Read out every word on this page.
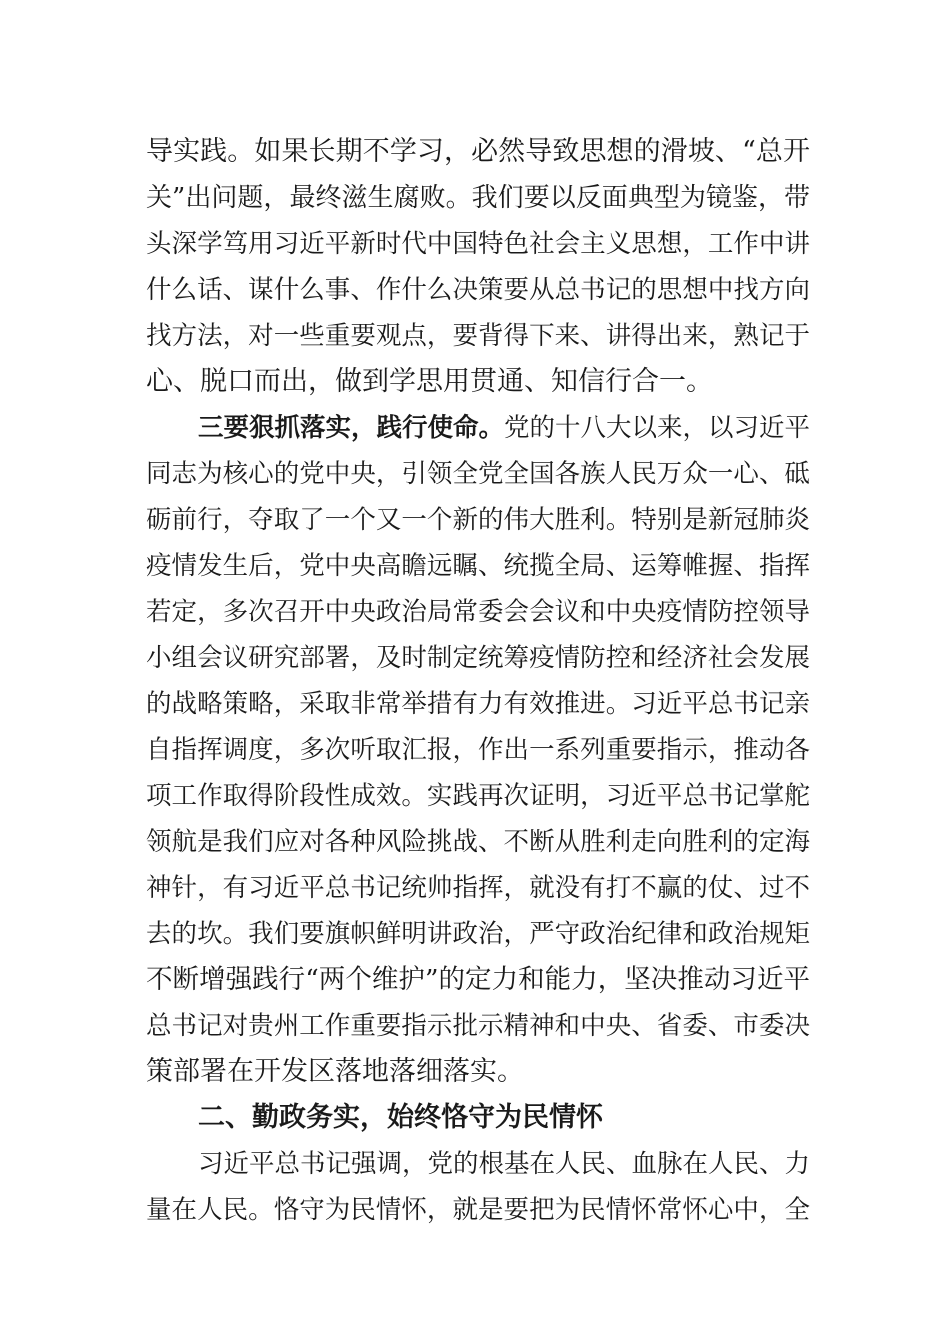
导实践。如果长期不学习，必然导致思想的滑坡、“总开
关”出问题，最终滋生腐败。我们要以反面典型为镜鉴，带
头深学笃用习近平新时代中国特色社会主义思想，工作中讲
什么话、谋什么事、作什么决策要从总书记的思想中找方向
找方法，对一些重要观点，要背得下来、讲得出来，熟记于
心、脱口而出，做到学思用贯通、知信行合一。
三要狠抓落实，践行使命。党的十八大以来，以习近平
同志为核心的党中央，引领全党全国各族人民万众一心、砥
砺前行，夺取了一个又一个新的伟大胜利。特别是新冠肺炎
疫情发生后，党中央高瞻远瞩、统揽全局、运筹帷握、指挥
若定，多次召开中央政治局常委会会议和中央疫情防控领导
小组会议研究部署，及时制定统筹疫情防控和经济社会发展
的战略策略，采取非常举措有力有效推进。习近平总书记亲
自指挥调度，多次听取汇报，作出一系列重要指示，推动各
项工作取得阶段性成效。实践再次证明，习近平总书记掌舵
领航是我们应对各种风险挑战、不断从胜利走向胜利的定海
神针，有习近平总书记统帅指挥，就没有打不赢的仗、过不
去的坎。我们要旗帜鲜明讲政治，严守政治纪律和政治规矩
不断增强践行“两个维护”的定力和能力，坚决推动习近平
总书记对贵州工作重要指示批示精神和中央、省委、市委决
策部署在开发区落地落细落实。
二、勤政务实，始终恪守为民情怀
习近平总书记强调，党的根基在人民、血脉在人民、力
量在人民。恪守为民情怀，就是要把为民情怀常怀心中，全
